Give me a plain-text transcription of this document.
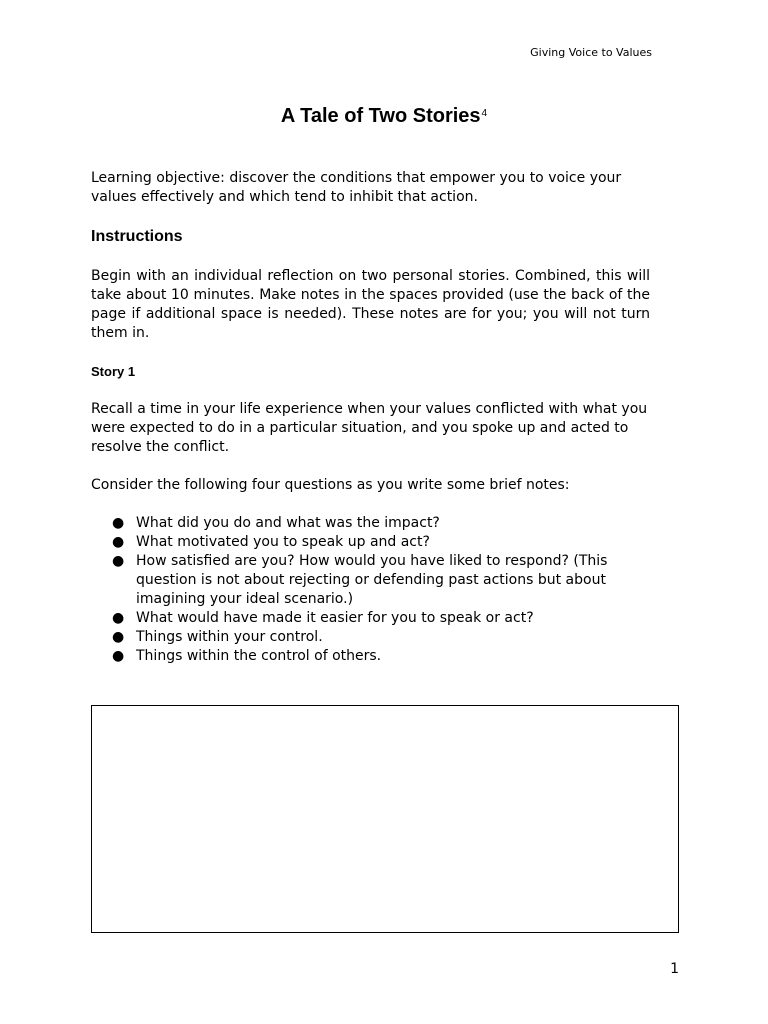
Giving Voice to Values
A Tale of Two Stories$^4$

Learning objective: discover the conditions that empower you to voice your values effectively and which tend to inhibit that action.

Instructions

Begin with an individual reflection on two personal stories. Combined, this will take about 10 minutes. Make notes in the spaces provided (use the back of the page if additional space is needed). These notes are for you; you will not turn them in.

Story 1

Recall a time in your life experience when your values conflicted with what you were expected to do in a particular situation, and you spoke up and acted to resolve the conflict.

Consider the following four questions as you write some brief notes:

● What did you do and what was the impact?
● What motivated you to speak up and act?
● How satisfied are you? How would you have liked to respond? (This question is not about rejecting or defending past actions but about imagining your ideal scenario.)
● What would have made it easier for you to speak or act?
● Things within your control.
● Things within the control of others.
1
